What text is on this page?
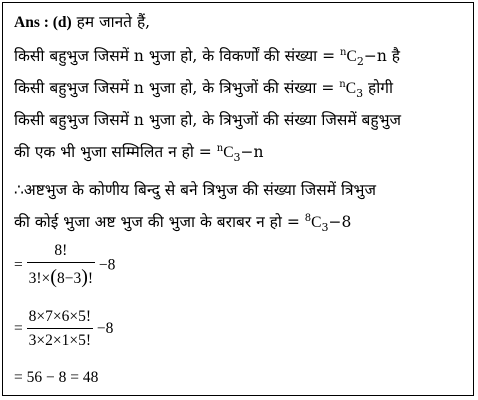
Ans : (d) हम जानते हैं,
किसी बहुभुज जिसमें n भुजा हो, के विकर्णों की संख्या = $^nC_2-n$ है
किसी बहुभुज जिसमें n भुजा हो, के त्रिभुजों की संख्या = $^nC_3$ होगी
किसी बहुभुज जिसमें n भुजा हो, के त्रिभुजों की संख्या जिसमें बहुभुज
की एक भी भुजा सम्मिलित न हो = $^nC_3-n$
∴अष्टभुज के कोणीय बिन्दु से बने त्रिभुज की संख्या जिसमें त्रिभुज
की कोई भुजा अष्ट भुज की भुजा के बराबर न हो = $^8C_3-8$
= $\frac{8!}{3!\times(8-3)!} -8$
= $\frac{8\times 7\times 6\times 5!}{3\times 2\times 1\times 5!} -8$
= 56 − 8 = 48
